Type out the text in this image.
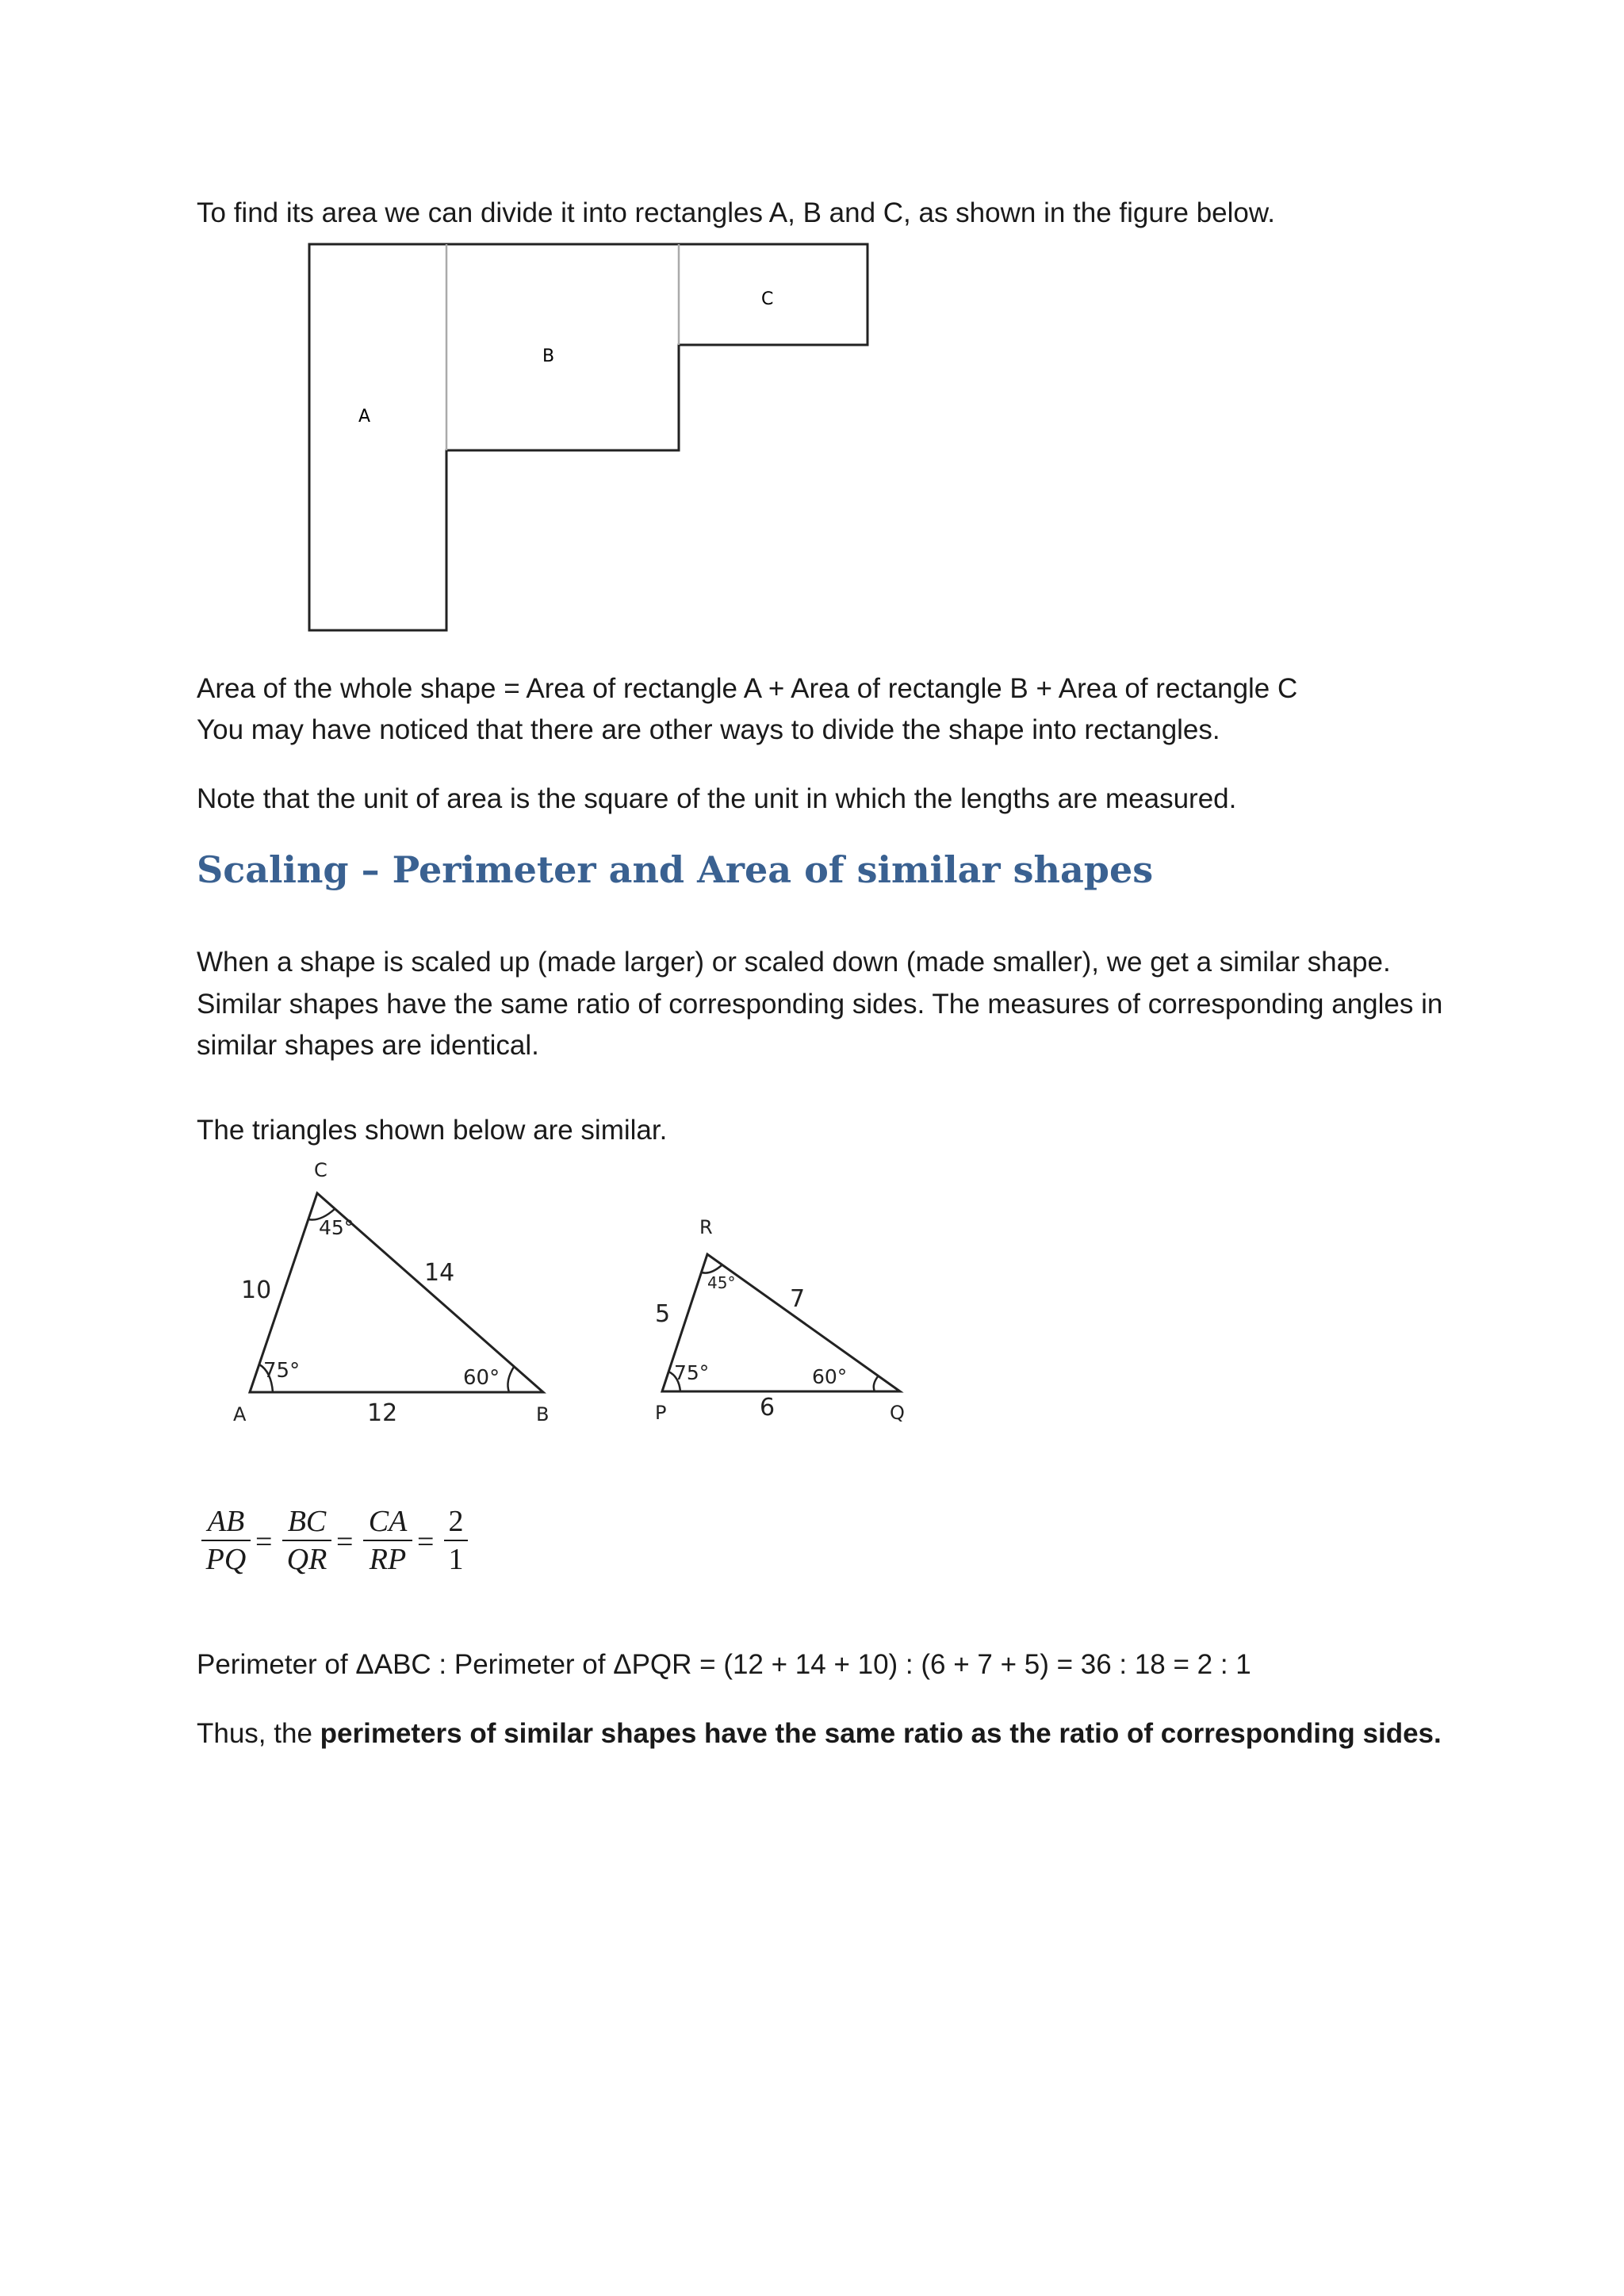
To find its area we can divide it into rectangles A, B and C, as shown in the figure below.

A
B
C

Area of the whole shape = Area of rectangle A + Area of rectangle B + Area of rectangle C

You may have noticed that there are other ways to divide the shape into rectangles.

Note that the unit of area is the square of the unit in which the lengths are measured.

Scaling – Perimeter and Area of similar shapes

When a shape is scaled up (made larger) or scaled down (made smaller), we get a similar shape.

Similar shapes have the same ratio of corresponding sides. The measures of corresponding angles in

similar shapes are identical.

The triangles shown below are similar.

C
A	B
10
14
12
45°
75°	60°
R
P	Q
5
7
6
45°
75°	60°
$\frac{AB}{PQ} = \frac{BC}{QR} = \frac{CA}{RP} = \frac{2}{1}$

Perimeter of ΔABC : Perimeter of ΔPQR = (12 + 14 + 10) : (6 + 7 + 5) = 36 : 18 = 2 : 1

Thus, the perimeters of similar shapes have the same ratio as the ratio of corresponding sides.
